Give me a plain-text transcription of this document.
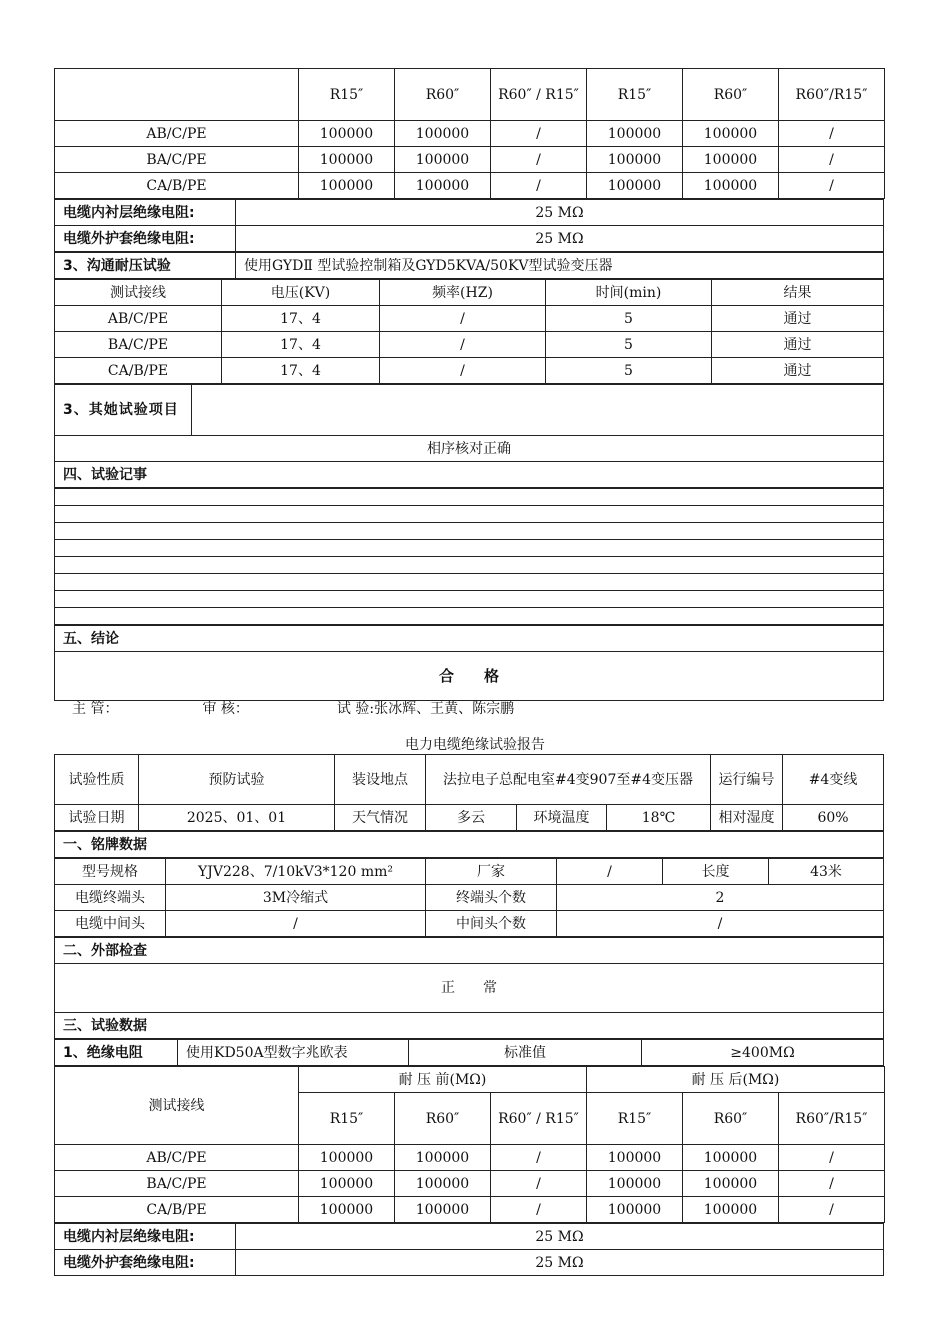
	R15″	R60″	R60″ / R15″	R15″	R60″	R60″/R15″
AB/C/PE	100000	100000	/	100000	100000	/
BA/C/PE	100000	100000	/	100000	100000	/
CA/B/PE	100000	100000	/	100000	100000	/
电缆内衬层绝缘电阻:	25 MΩ
电缆外护套绝缘电阻:	25 MΩ
3、沟通耐压试验	使用GYDⅡ 型试验控制箱及GYD5KVA/50KV型试验变压器
测试接线	电压(KV)	频率(HZ)	时间(min)	结果
AB/C/PE	17、4	/	5	通过
BA/C/PE	17、4	/	5	通过
CA/B/PE	17、4	/	5	通过
3、其她试验项目	
相序核对正确
四、试验记事

五、结论
合　　格
主 管：	审 核：	试 验:张冰辉、王黄、陈宗鹏
电力电缆绝缘试验报告
试验性质	预防试验	装设地点	法拉电子总配电室#4变907至#4变压器			运行编号	#4变线
试验日期	2025、01、01	天气情况	多云	环境温度	18℃	相对湿度	60%
一、铭牌数据
型号规格	YJV228、7/10kV3*120 mm²	厂家	/	长度	43米
电缆终端头	3M冷缩式	终端头个数	2		
电缆中间头	/	中间头个数	/		
二、外部检查
正　　常
三、试验数据
1、绝缘电阻	使用KD50A型数字兆欧表	标准值	≥400MΩ
测试接线	耐 压 前(MΩ)			耐 压 后(MΩ)		
	R15″	R60″	R60″ / R15″	R15″	R60″	R60″/R15″
AB/C/PE	100000	100000	/	100000	100000	/
BA/C/PE	100000	100000	/	100000	100000	/
CA/B/PE	100000	100000	/	100000	100000	/
电缆内衬层绝缘电阻:	25 MΩ
电缆外护套绝缘电阻:	25 MΩ
